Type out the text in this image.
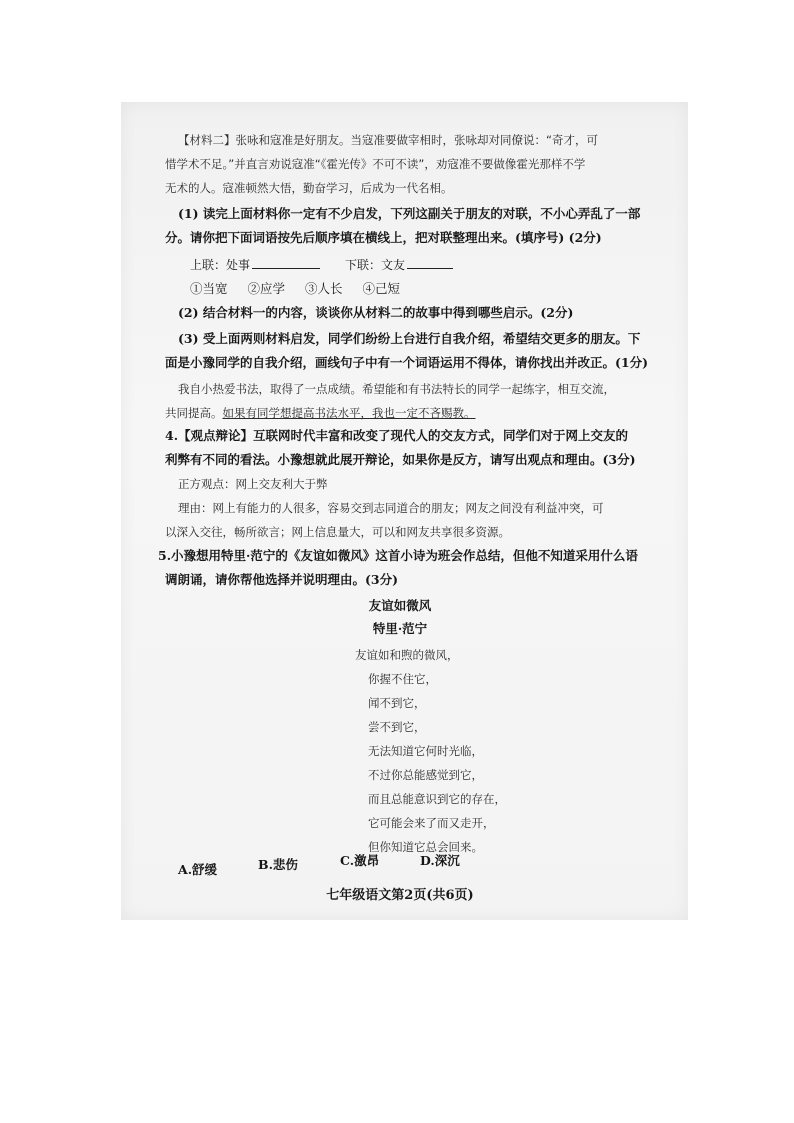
【材料二】张咏和寇准是好朋友。当寇准要做宰相时，张咏却对同僚说：“奇才，可
惜学术不足。”并直言劝说寇准“《霍光传》不可不读”，劝寇准不要做像霍光那样不学
无术的人。寇准顿然大悟，勤奋学习，后成为一代名相。
(1) 读完上面材料你一定有不少启发，下列这副关于朋友的对联，不小心弄乱了一部
分。请你把下面词语按先后顺序填在横线上，把对联整理出来。(填序号) (2分)
上联：处事	下联：文友
①当宽 ②应学 ③人长 ④己短
(2) 结合材料一的内容，谈谈你从材料二的故事中得到哪些启示。(2分)
(3) 受上面两则材料启发，同学们纷纷上台进行自我介绍，希望结交更多的朋友。下
面是小豫同学的自我介绍，画线句子中有一个词语运用不得体，请你找出并改正。(1分)
我自小热爱书法，取得了一点成绩。希望能和有书法特长的同学一起练字，相互交流，
共同提高。如果有同学想提高书法水平，我也一定不吝赐教。
4.【观点辩论】互联网时代丰富和改变了现代人的交友方式，同学们对于网上交友的
利弊有不同的看法。小豫想就此展开辩论，如果你是反方，请写出观点和理由。(3分)
正方观点：网上交友利大于弊
理由：网上有能力的人很多，容易交到志同道合的朋友；网友之间没有利益冲突，可
以深入交往，畅所欲言；网上信息量大，可以和网友共享很多资源。
5.小豫想用特里·范宁的《友谊如微风》这首小诗为班会作总结，但他不知道采用什么语
调朗诵，请你帮他选择并说明理由。(3分)
友谊如微风
特里·范宁
友谊如和煦的微风，
你握不住它，
闻不到它，
尝不到它，
无法知道它何时光临，
不过你总能感觉到它，
而且总能意识到它的存在，
它可能会来了而又走开，
但你知道它总会回来。
A.舒缓	B.悲伤	C.激昂	D.深沉
七年级语文第2页(共6页)
